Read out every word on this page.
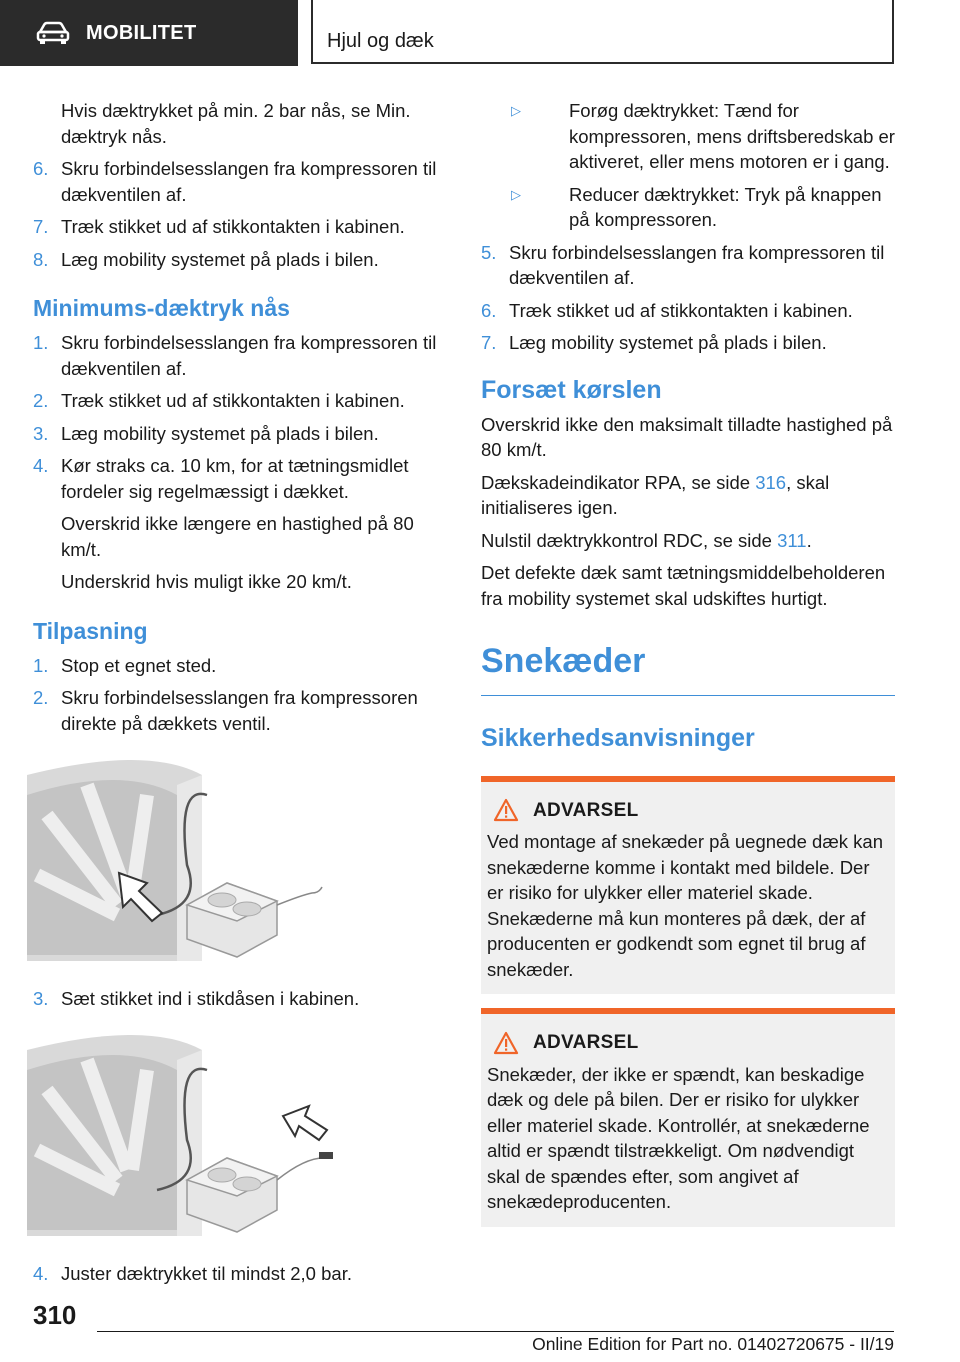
MOBILITET	Hjul og dæk

Hvis dæktrykket på min. 2 bar nås, se Min. dæktryk nås.

6. Skru forbindelsesslangen fra kompressoren til dækventilen af.
7. Træk stikket ud af stikkontakten i kabinen.
8. Læg mobility systemet på plads i bilen.
Minimums-dæktryk nås
1. Skru forbindelsesslangen fra kompressoren til dækventilen af.
2. Træk stikket ud af stikkontakten i kabinen.
3. Læg mobility systemet på plads i bilen.
4. Kør straks ca. 10 km, for at tætningsmidlet fordeler sig regelmæssigt i dækket.

Overskrid ikke længere en hastighed på 80 km/t.

Underskrid hvis muligt ikke 20 km/t.

Tilpasning
1. Stop et egnet sted.
2. Skru forbindelsesslangen fra kompressoren direkte på dækkets ventil.
3. Sæt stikket ind i stikdåsen i kabinen.
4. Juster dæktrykket til mindst 2,0 bar.
▷	Forøg dæktrykket: Tænd for kompressoren, mens driftsberedskab er aktiveret, eller mens motoren er i gang.
▷	Reducer dæktrykket: Tryk på knappen på kompressoren.
5. Skru forbindelsesslangen fra kompressoren til dækventilen af.
6. Træk stikket ud af stikkontakten i kabinen.
7. Læg mobility systemet på plads i bilen.
Forsæt kørslen

Overskrid ikke den maksimalt tilladte hastighed på 80 km/t.

Dækskadeindikator RPA, se side 316, skal initialiseres igen.

Nulstil dæktrykkontrol RDC, se side 311.

Det defekte dæk samt tætningsmiddelbeholderen fra mobility systemet skal udskiftes hurtigt.

Snekæder
Sikkerhedsanvisninger
ADVARSEL
Ved montage af snekæder på uegnede dæk kan snekæderne komme i kontakt med bildele. Der er risiko for ulykker eller materiel skade. Snekæderne må kun monteres på dæk, der af producenten er godkendt som egnet til brug af snekæder.
ADVARSEL
Snekæder, der ikke er spændt, kan beskadige dæk og dele på bilen. Der er risiko for ulykker eller materiel skade. Kontrollér, at snekæderne altid er spændt tilstrækkeligt. Om nødvendigt skal de spændes efter, som angivet af snekædeproducenten.
310
Online Edition for Part no. 01402720675 - II/19
